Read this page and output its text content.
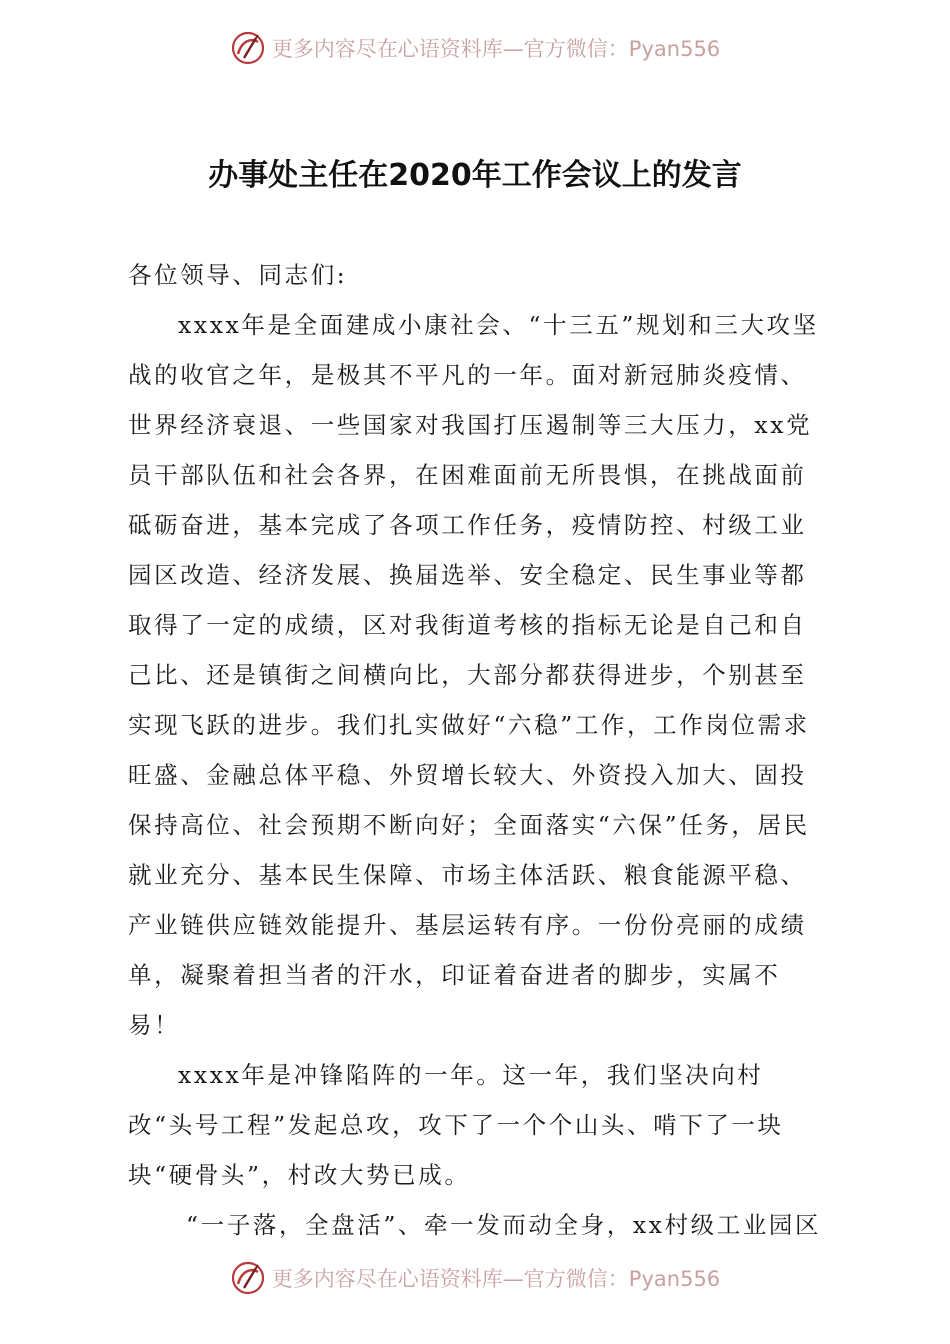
更多内容尽在心语资料库—官方微信：Pyan556
办事处主任在2020年工作会议上的发言

各位领导、同志们:

xxxx年是全面建成小康社会、“十三五”规划和三大攻坚战的收官之年，是极其不平凡的一年。面对新冠肺炎疫情、世界经济衰退、一些国家对我国打压遏制等三大压力，xx党员干部队伍和社会各界，在困难面前无所畏惧，在挑战面前砥砺奋进，基本完成了各项工作任务，疫情防控、村级工业园区改造、经济发展、换届选举、安全稳定、民生事业等都取得了一定的成绩，区对我街道考核的指标无论是自己和自己比、还是镇街之间横向比，大部分都获得进步，个别甚至实现飞跃的进步。我们扎实做好“六稳”工作，工作岗位需求旺盛、金融总体平稳、外贸增长较大、外资投入加大、固投保持高位、社会预期不断向好；全面落实“六保”任务，居民就业充分、基本民生保障、市场主体活跃、粮食能源平稳、产业链供应链效能提升、基层运转有序。一份份亮丽的成绩单，凝聚着担当者的汗水，印证着奋进者的脚步，实属不易！

xxxx年是冲锋陷阵的一年。这一年，我们坚决向村改“头号工程”发起总攻，攻下了一个个山头、啃下了一块块“硬骨头”，村改大势已成。

“一子落，全盘活”、牵一发而动全身，xx村级工业园区

更多内容尽在心语资料库—官方微信：Pyan556
